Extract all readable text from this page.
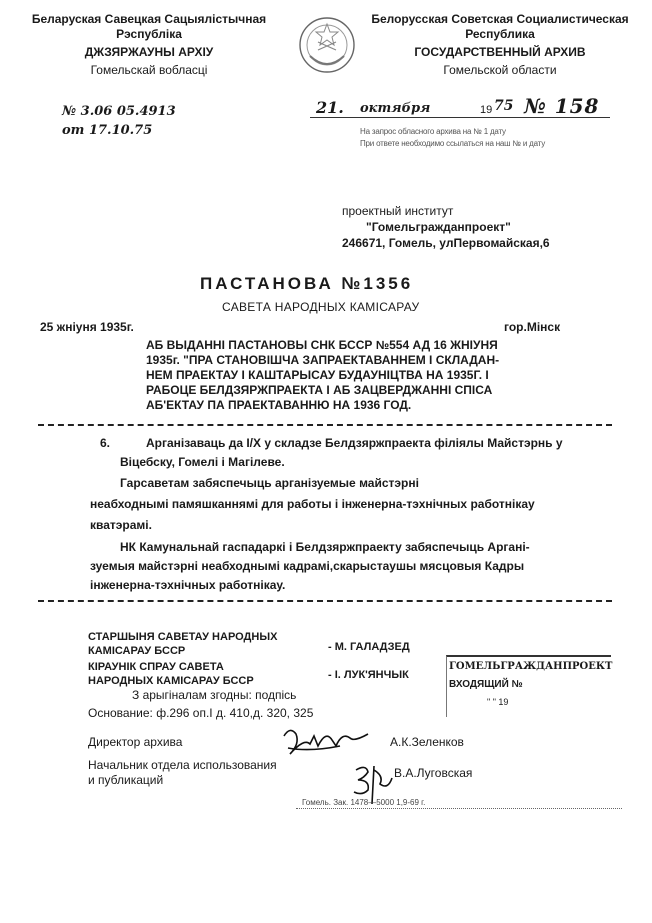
Беларуская Савецкая Сацыялістычная
Рэспубліка
ДЖЗЯРЖАУНЫ АРХІУ
Гомельскай вобласці
Белорусская Советская Социалистическая
Республика
ГОСУДАРСТВЕННЫЙ АРХИВ
Гомельской области
№ 3.06 05.4913
от 17.10.75
21. октября	19 75 № 158
На запрос обласного архива на № 1 дату
При ответе необходимо ссылаться на наш № и дату
проектный институт
"Гомельгражданпроект"
246671, Гомель, улПервомайская,6
ПАСТАНОВА №1356
САВЕТА НАРОДНЫХ КАМІСАРАУ
25 жніуня 1935г.	гор.Мінск
АБ ВЫДАННІ ПАСТАНОВЫ СНК БССР №554 АД 16 ЖНІУНЯ
1935г. "ПРА СТАНОВІШЧА ЗАПРАЕКТАВАННЕМ І СКЛАДАН-
НЕМ ПРАЕКТАУ І КАШТАРЫСАУ БУДАУНІЦТВА НА 1935Г. І
РАБОЦЕ БЕЛДЗЯРЖПРАЕКТА І АБ ЗАЦВЕРДЖАННІ СПІСА
АБ'ЕКТАУ ПА ПРАЕКТАВАННЮ НА 1936 ГОД.
6.	Арганізаваць да І/Х у складзе Белдзяржпраекта філіялы Майстэрнь у
Віцебску, Гомелі і Магілеве.
Гарсаветам забяспечыць арганізуемые майстэрні
неабходнымі памяшканнямі для работы і інженерна-тэхнічных работнікау
кватэрамі.
НК Камунальнай гаспадаркі і Белдзяржпраекту забяспечыць Арганi-
зуемыя майстэрні неабходнымі кадрамі,скарыстаушы мясцовыя Кадры
інженерна-тэхнічных работнікау.
СТАРШЫНЯ САВЕТАУ НАРОДНЫХ
КАМІСАРАУ БССР	- М. ГАЛАДЗЕД
КІРАУНІК СПРАУ САВЕТА
НАРОДНЫХ КАМІСАРАУ БССР	- І. ЛУК'ЯНЧЫК
З арыгіналам згодны: подпісь
Основание: ф.296 оп.І д. 410,д. 320, 325
ГОМЕЛЬГРАЖДАНПРОЕКТ
ВХОДЯЩИЙ №
" " 19
Директор архива	А.К.Зеленков
Начальник отдела использования
и публикаций	В.А.Луговская
Гомель. Зак. 1478—5000 1,9-69 г.
